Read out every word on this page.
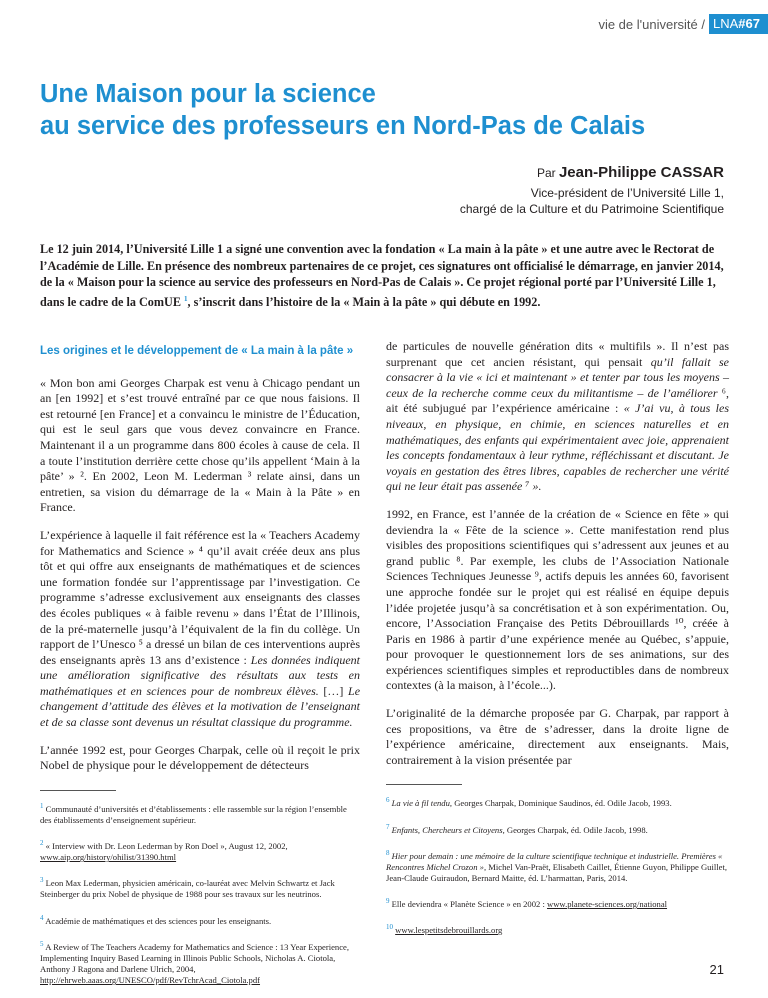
vie de l'université / LNA#67
Une Maison pour la science
au service des professeurs en Nord-Pas de Calais
Par Jean-Philippe CASSAR
Vice-président de l’Université Lille 1,
chargé de la Culture et du Patrimoine Scientifique

Le 12 juin 2014, l’Université Lille 1 a signé une convention avec la fondation « La main à la pâte » et une autre avec le Rectorat de l’Académie de Lille. En présence des nombreux partenaires de ce projet, ces signatures ont officialisé le démarrage, en janvier 2014, de la « Maison pour la science au service des professeurs en Nord-Pas de Calais ». Ce projet régional porté par l’Université Lille 1, dans le cadre de la ComUE $^1$, s’inscrit dans l’histoire de la « Main à la pâte » qui débute en 1992.

Les origines et le développement de « La main à la pâte »

« Mon bon ami Georges Charpak est venu à Chicago pendant un an [en 1992] et s’est trouvé entraîné par ce que nous faisions. Il est retourné [en France] et a convaincu le ministre de l’Éducation, qui est le seul gars que vous devez convaincre en France. Maintenant il a un programme dans 800 écoles à cause de cela. Il a toute l’institution derrière cette chose qu’ils appellent ‘Main à la pâte’ » ². En 2002, Leon M. Lederman ³ relate ainsi, dans un entretien, sa vision du démarrage de la « Main à la Pâte » en France.

L’expérience à laquelle il fait référence est la « Teachers Academy for Mathematics and Science » ⁴ qu’il avait créée deux ans plus tôt et qui offre aux enseignants de mathématiques et de sciences une formation fondée sur l’apprentissage par l’investigation. Ce programme s’adresse exclusivement aux enseignants des classes des écoles publiques « à faible revenu » dans l’État de l’Illinois, de la pré-maternelle jusqu’à l’équivalent de la fin du collège. Un rapport de l’Unesco ⁵ a dressé un bilan de ces interventions auprès des enseignants après 13 ans d’existence : Les données indiquent une amélioration significative des résultats aux tests en mathématiques et en sciences pour de nombreux élèves. […] Le changement d’attitude des élèves et la motivation de l’enseignant et de sa classe sont devenus un résultat classique du programme.

L’année 1992 est, pour Georges Charpak, celle où il reçoit le prix Nobel de physique pour le développement de détecteurs

$^1$ Communauté d’universités et d’établissements : elle rassemble sur la région l’ensemble des établissements d’enseignement supérieur.
$^2$ « Interview with Dr. Leon Lederman by Ron Doel », August 12, 2002, www.aip.org/history/ohilist/31390.html
$^3$ Leon Max Lederman, physicien américain, co-lauréat avec Melvin Schwartz et Jack Steinberger du prix Nobel de physique de 1988 pour ses travaux sur les neutrinos.
$^4$ Académie de mathématiques et des sciences pour les enseignants.
$^5$ A Review of The Teachers Academy for Mathematics and Science : 13 Year Experience, Implementing Inquiry Based Learning in Illinois Public Schools, Nicholas A. Ciotola, Anthony J Ragona and Darlene Ulrich, 2004, http://ehrweb.aaas.org/UNESCO/pdf/RevTchrAcad_Ciotola.pdf

de particules de nouvelle génération dits « multifils ». Il n’est pas surprenant que cet ancien résistant, qui pensait qu’il fallait se consacrer à la vie « ici et maintenant » et tenter par tous les moyens – ceux de la recherche comme ceux du militantisme – de l’améliorer ⁶, ait été subjugué par l’expérience américaine : « J’ai vu, à tous les niveaux, en physique, en chimie, en sciences naturelles et en mathématiques, des enfants qui expérimentaient avec joie, apprenaient les concepts fondamentaux à leur rythme, réfléchissant et discutant. Je voyais en gestation des êtres libres, capables de rechercher une vérité qui ne leur était pas assenée ⁷ ».

1992, en France, est l’année de la création de « Science en fête » qui deviendra la « Fête de la science ». Cette manifestation rend plus visibles des propositions scientifiques qui s’adressent aux jeunes et au grand public ⁸. Par exemple, les clubs de l’Association Nationale Sciences Techniques Jeunesse ⁹, actifs depuis les années 60, favorisent une approche fondée sur le projet qui est réalisé en équipe depuis l’idée projetée jusqu’à sa concrétisation et à son expérimentation. Ou, encore, l’Association Française des Petits Débrouillards ¹⁰, créée à Paris en 1986 à partir d’une expérience menée au Québec, s’appuie, pour provoquer le questionnement lors de ses animations, sur des expériences scientifiques simples et reproductibles dans de nombreux contextes (à la maison, à l’école...).

L’originalité de la démarche proposée par G. Charpak, par rapport à ces propositions, va être de s’adresser, dans la droite ligne de l’expérience américaine, directement aux enseignants. Mais, contrairement à la vision présentée par

$^6$ La vie à fil tendu, Georges Charpak, Dominique Saudinos, éd. Odile Jacob, 1993.
$^7$ Enfants, Chercheurs et Citoyens, Georges Charpak, éd. Odile Jacob, 1998.
$^8$ Hier pour demain : une mémoire de la culture scientifique technique et industrielle. Premières « Rencontres Michel Crozon », Michel Van-Praët, Elisabeth Caillet, Étienne Guyon, Philippe Guillet, Jean-Claude Guiraudon, Bernard Maitte, éd. L’harmattan, Paris, 2014.
$^9$ Elle deviendra « Planète Science » en 2002 : www.planete-sciences.org/national
$^{10}$ www.lespetitsdebrouillards.org
21
